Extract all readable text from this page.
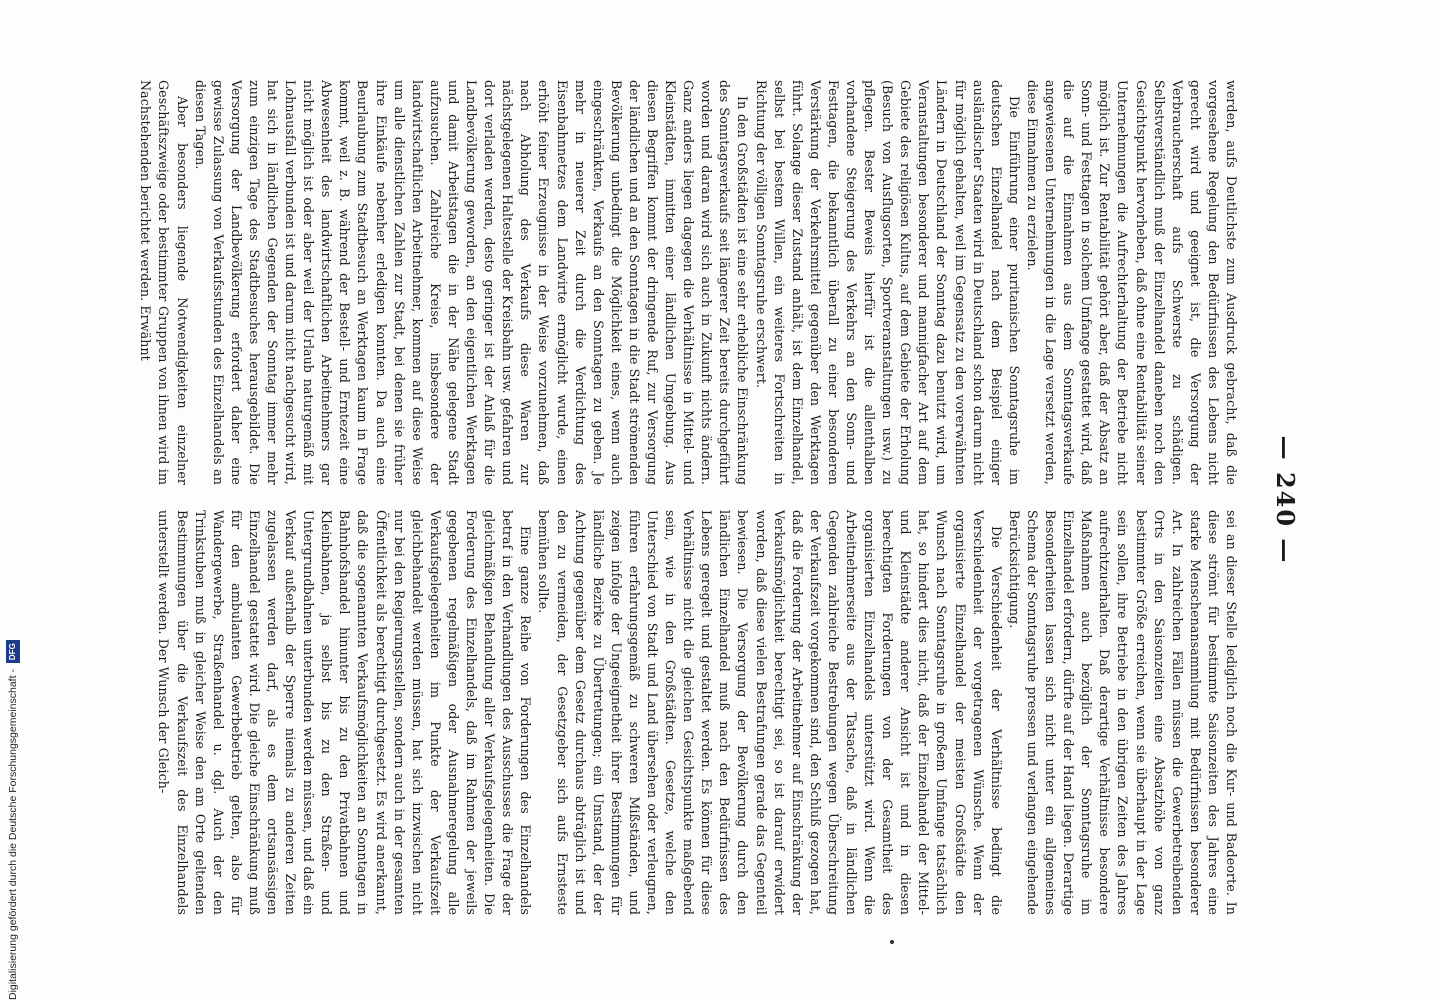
— 240 —

werden, aufs Deutlichste zum Ausdruck gebracht, daß die vorgesehene Regelung den Bedürfnissen des Lebens nicht gerecht wird und geeignet ist, die Versorgung der Verbraucherschaft aufs Schwerste zu schädigen. Selbstverständlich muß der Einzelhandel daneben noch den Gesichtspunkt hervorheben, daß ohne eine Rentabilität seiner Unternehmungen die Aufrechterhaltung der Betriebe nicht möglich ist. Zur Rentabilität gehört aber, daß der Absatz an Sonn- und Festtagen in solchem Umfange gestattet wird, daß die auf die Einnahmen aus dem Sonntagsverkaufe angewiesenen Unternehmungen in die Lage versetzt werden, diese Einnahmen zu erzielen.

Die Einführung einer puritanischen Sonntagsruhe im deutschen Einzelhandel nach dem Beispiel einiger ausländischer Staaten wird in Deutschland schon darum nicht für möglich gehalten, weil im Gegensatz zu den vorerwähnten Ländern in Deutschland der Sonntag dazu benutzt wird, um Veranstaltungen besonderer und mannigfacher Art auf dem Gebiete des religiösen Kultus, auf dem Gebiete der Erholung (Besuch von Ausflugsorten, Sportveranstaltungen usw.) zu pflegen. Bester Beweis hierfür ist die allenthalben vorhandene Steigerung des Verkehrs an den Sonn- und Festtagen, die bekanntlich überall zu einer besonderen Verstärkung der Verkehrsmittel gegenüber den Werktagen führt. Solange dieser Zustand anhält, ist dem Einzelhandel, selbst bei bestem Willen, ein weiteres Fortschreiten in Richtung der völligen Sonntagsruhe erschwert.

In den Großstädten ist eine sehr erhebliche Einschränkung des Sonntagsverkaufs seit längerer Zeit bereits durchgeführt worden und daran wird sich auch in Zukunft nichts ändern. Ganz anders liegen dagegen die Verhältnisse in Mittel- und Kleinstädten, inmitten einer ländlichen Umgebung. Aus diesen Begriffen kommt der dringende Ruf, zur Versorgung der ländlichen und an den Sonntagen in die Stadt strömenden Bevölkerung unbedingt die Möglichkeit eines, wenn auch eingeschränkten, Verkaufs an den Sonntagen zu geben. Je mehr in neuerer Zeit durch die Verdichtung des Eisenbahnnetzes dem Landwirte ermöglicht wurde, einen erhöht feiner Erzeugnisse in der Weise vorzunehmen, daß nach Abholung des Verkaufs diese Waren zur nächstgelegenen Haltestelle der Kreisbahn usw. gefahren und dort verladen werden, desto geringer ist der Anlaß für die Landbevölkerung geworden, an den eigentlichen Werktagen und damit Arbeitstagen die in der Nähe gelegene Stadt aufzusuchen. Zahlreiche Kreise, insbesondere der landwirtschaftlichen Arbeitnehmer, kommen auf diese Weise um alle dienstlichen Zahlen zur Stadt, bei denen sie früher ihre Einkäufe nebenher erledigen konnten. Da auch eine Beurlaubung zum Stadtbesuch an Werktagen kaum in Frage kommt, weil z. B. während der Bestell- und Erntezeit eine Abwesenheit des landwirtschaftlichen Arbeitnehmers gar nicht möglich ist oder aber weil der Urlaub naturgemäß mit Lohnausfall verbunden ist und darum nicht nachgesucht wird, hat sich in ländlichen Gegenden der Sonntag immer mehr zum einzigen Tage des Stadtbesuches herausgebildet. Die Versorgung der Landbevölkerung erfordert daher eine gewisse Zulassung von Verkaufsstunden des Einzelhandels an diesen Tagen.

Aber besonders liegende Notwendigkeiten einzelner Geschäftszweige oder bestimmter Gruppen von ihnen wird im Nachstehenden berichtet werden. Erwähnt

sei an dieser Stelle lediglich noch die Kur- und Badeorte. In diese strömt für bestimmte Saisonzeiten des Jahres eine starke Menschenansammlung mit Bedürfnissen besonderer Art. In zahlreichen Fällen müssen die Gewerbetreibenden Orts in den Saisonzeiten eine Absatzhöhe von ganz bestimmter Größe erreichen, wenn sie überhaupt in der Lage sein sollen, ihre Betriebe in den übrigen Zeiten des Jahres aufrechtzuerhalten. Daß derartige Verhältnisse besondere Maßnahmen auch bezüglich der Sonntagsruhe im Einzelhandel erfordern, dürfte auf der Hand liegen. Derartige Besonderheiten lassen sich nicht unter ein allgemeines Schema der Sonntagsruhe pressen und verlangen eingehende Berücksichtigung.

Die Verschiedenheit der Verhältnisse bedingt die Verschiedenheit der vorgetragenen Wünsche. Wenn der organisierte Einzelhandel der meisten Großstädte den Wunsch nach Sonntagsruhe in großem Umfange tatsächlich hat, so hindert dies nicht, daß der Einzelhandel der Mittel- und Kleinstädte anderer Ansicht ist und in diesen berechtigten Forderungen von der Gesamtheit des organisierten Einzelhandels unterstützt wird. Wenn die Arbeitnehmerseite aus der Tatsache, daß in ländlichen Gegenden zahlreiche Bestrebungen wegen Überschreitung der Verkaufszeit vorgekommen sind, den Schluß gezogen hat, daß die Forderung der Arbeitnehmer auf Einschränkung der Verkaufsmöglichkeit berechtigt sei, so ist darauf erwidert worden, daß diese vielen Bestrafungen gerade das Gegenteil bewiesen. Die Versorgung der Bevölkerung durch den ländlichen Einzelhandel muß nach den Bedürfnissen des Lebens geregelt und gestaltet werden. Es können für diese Verhältnisse nicht die gleichen Gesichtspunkte maßgebend sein, wie in den Großstädten. Gesetze, welche den Unterschied von Stadt und Land übersehen oder verleugnen, führen erfahrungsgemäß zu schweren Mißständen, und zeigen infolge der Ungeeignetheit ihrer Bestimmungen für ländliche Bezirke zu Übertretungen; ein Umstand, der der Achtung gegenüber dem Gesetz durchaus abträglich ist und den zu vermeiden, der Gesetzgeber sich aufs Ernsteste bemühen sollte.

Eine ganze Reihe von Forderungen des Einzelhandels betraf in den Verhandlungen des Ausschusses die Frage der gleichmäßigen Behandlung aller Verkaufsgelegenheiten. Die Forderung des Einzelhandels, daß im Rahmen der jeweils gegebenen regelmäßigen oder Ausnahmeregelung alle Verkaufsgelegenheiten im Punkte der Verkaufszeit gleichbehandelt werden müssen, hat sich inzwischen nicht nur bei den Regierungsstellen, sondern auch in der gesamten Öffentlichkeit als berechtigt durchgesetzt. Es wird anerkannt, daß die sogenannten Verkaufsmöglichkeiten an Sonntagen in Bahnhofshandel hinunter bis zu den Privatbahnen und Kleinbahnen, ja selbst bis zu den Straßen- und Untergrundbahnen unterbunden werden müssen, und daß ein Verkauf außerhalb der Sperre niemals zu anderen Zeiten zugelassen werden darf, als es dem ortsansässigen Einzelhandel gestattet wird. Die gleiche Einschränkung muß für den ambulanten Gewerbebetrieb gelten, also für Wandergewerbe, Straßenhandel u. dgl. Auch der den Trinkstuben muß in gleicher Weise den am Orte geltenden Bestimmungen über die Verkaufszeit des Einzelhandels unterstellt werden. Der Wunsch der Gleich-

Digitalisierung gefördert durch die Deutsche Forschungsgemeinschaft -
DFG
